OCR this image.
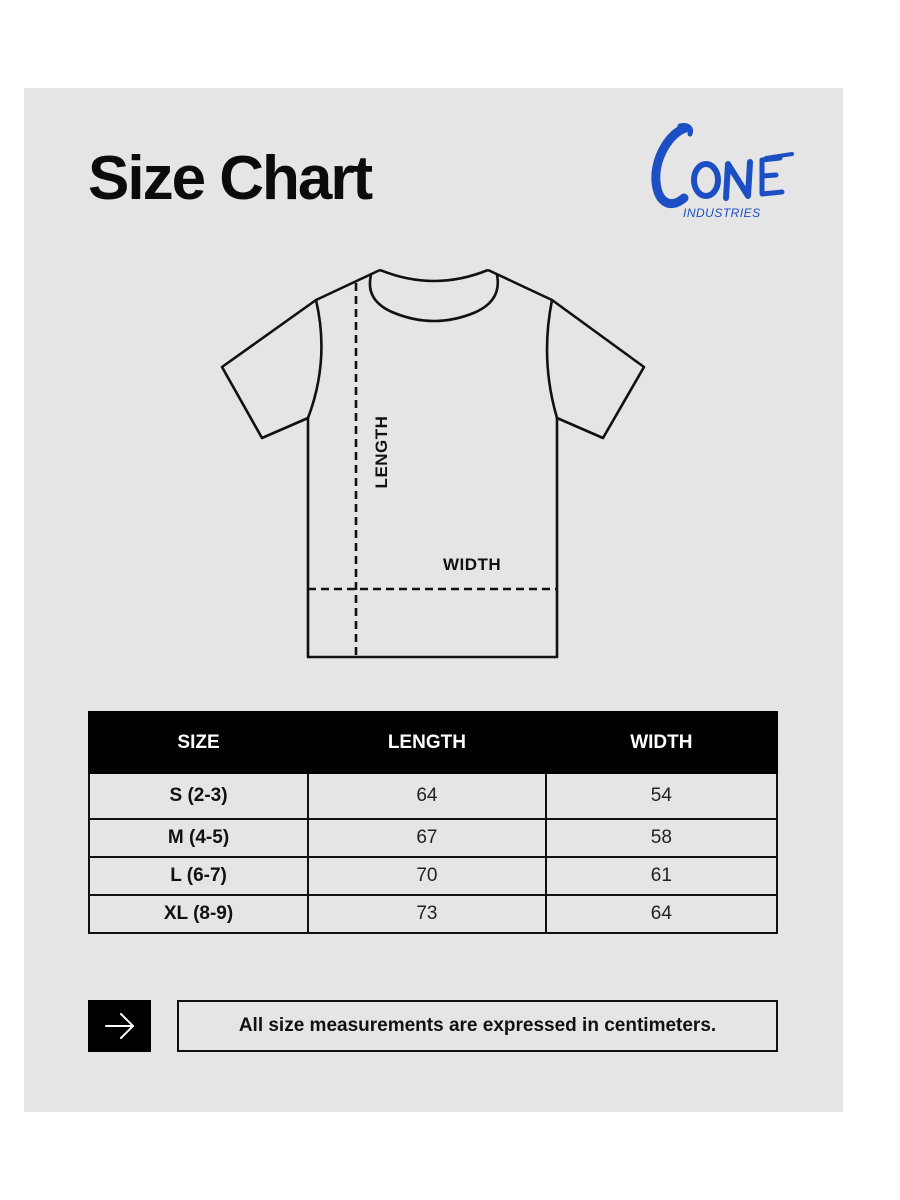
Size Chart	INDUSTRIES
LENGTH
WIDTH
SIZE	LENGTH	WIDTH
S (2-3)	64	54
M (4-5)	67	58
L (6-7)	70	61
XL (8-9)	73	64
All size measurements are expressed in centimeters.
